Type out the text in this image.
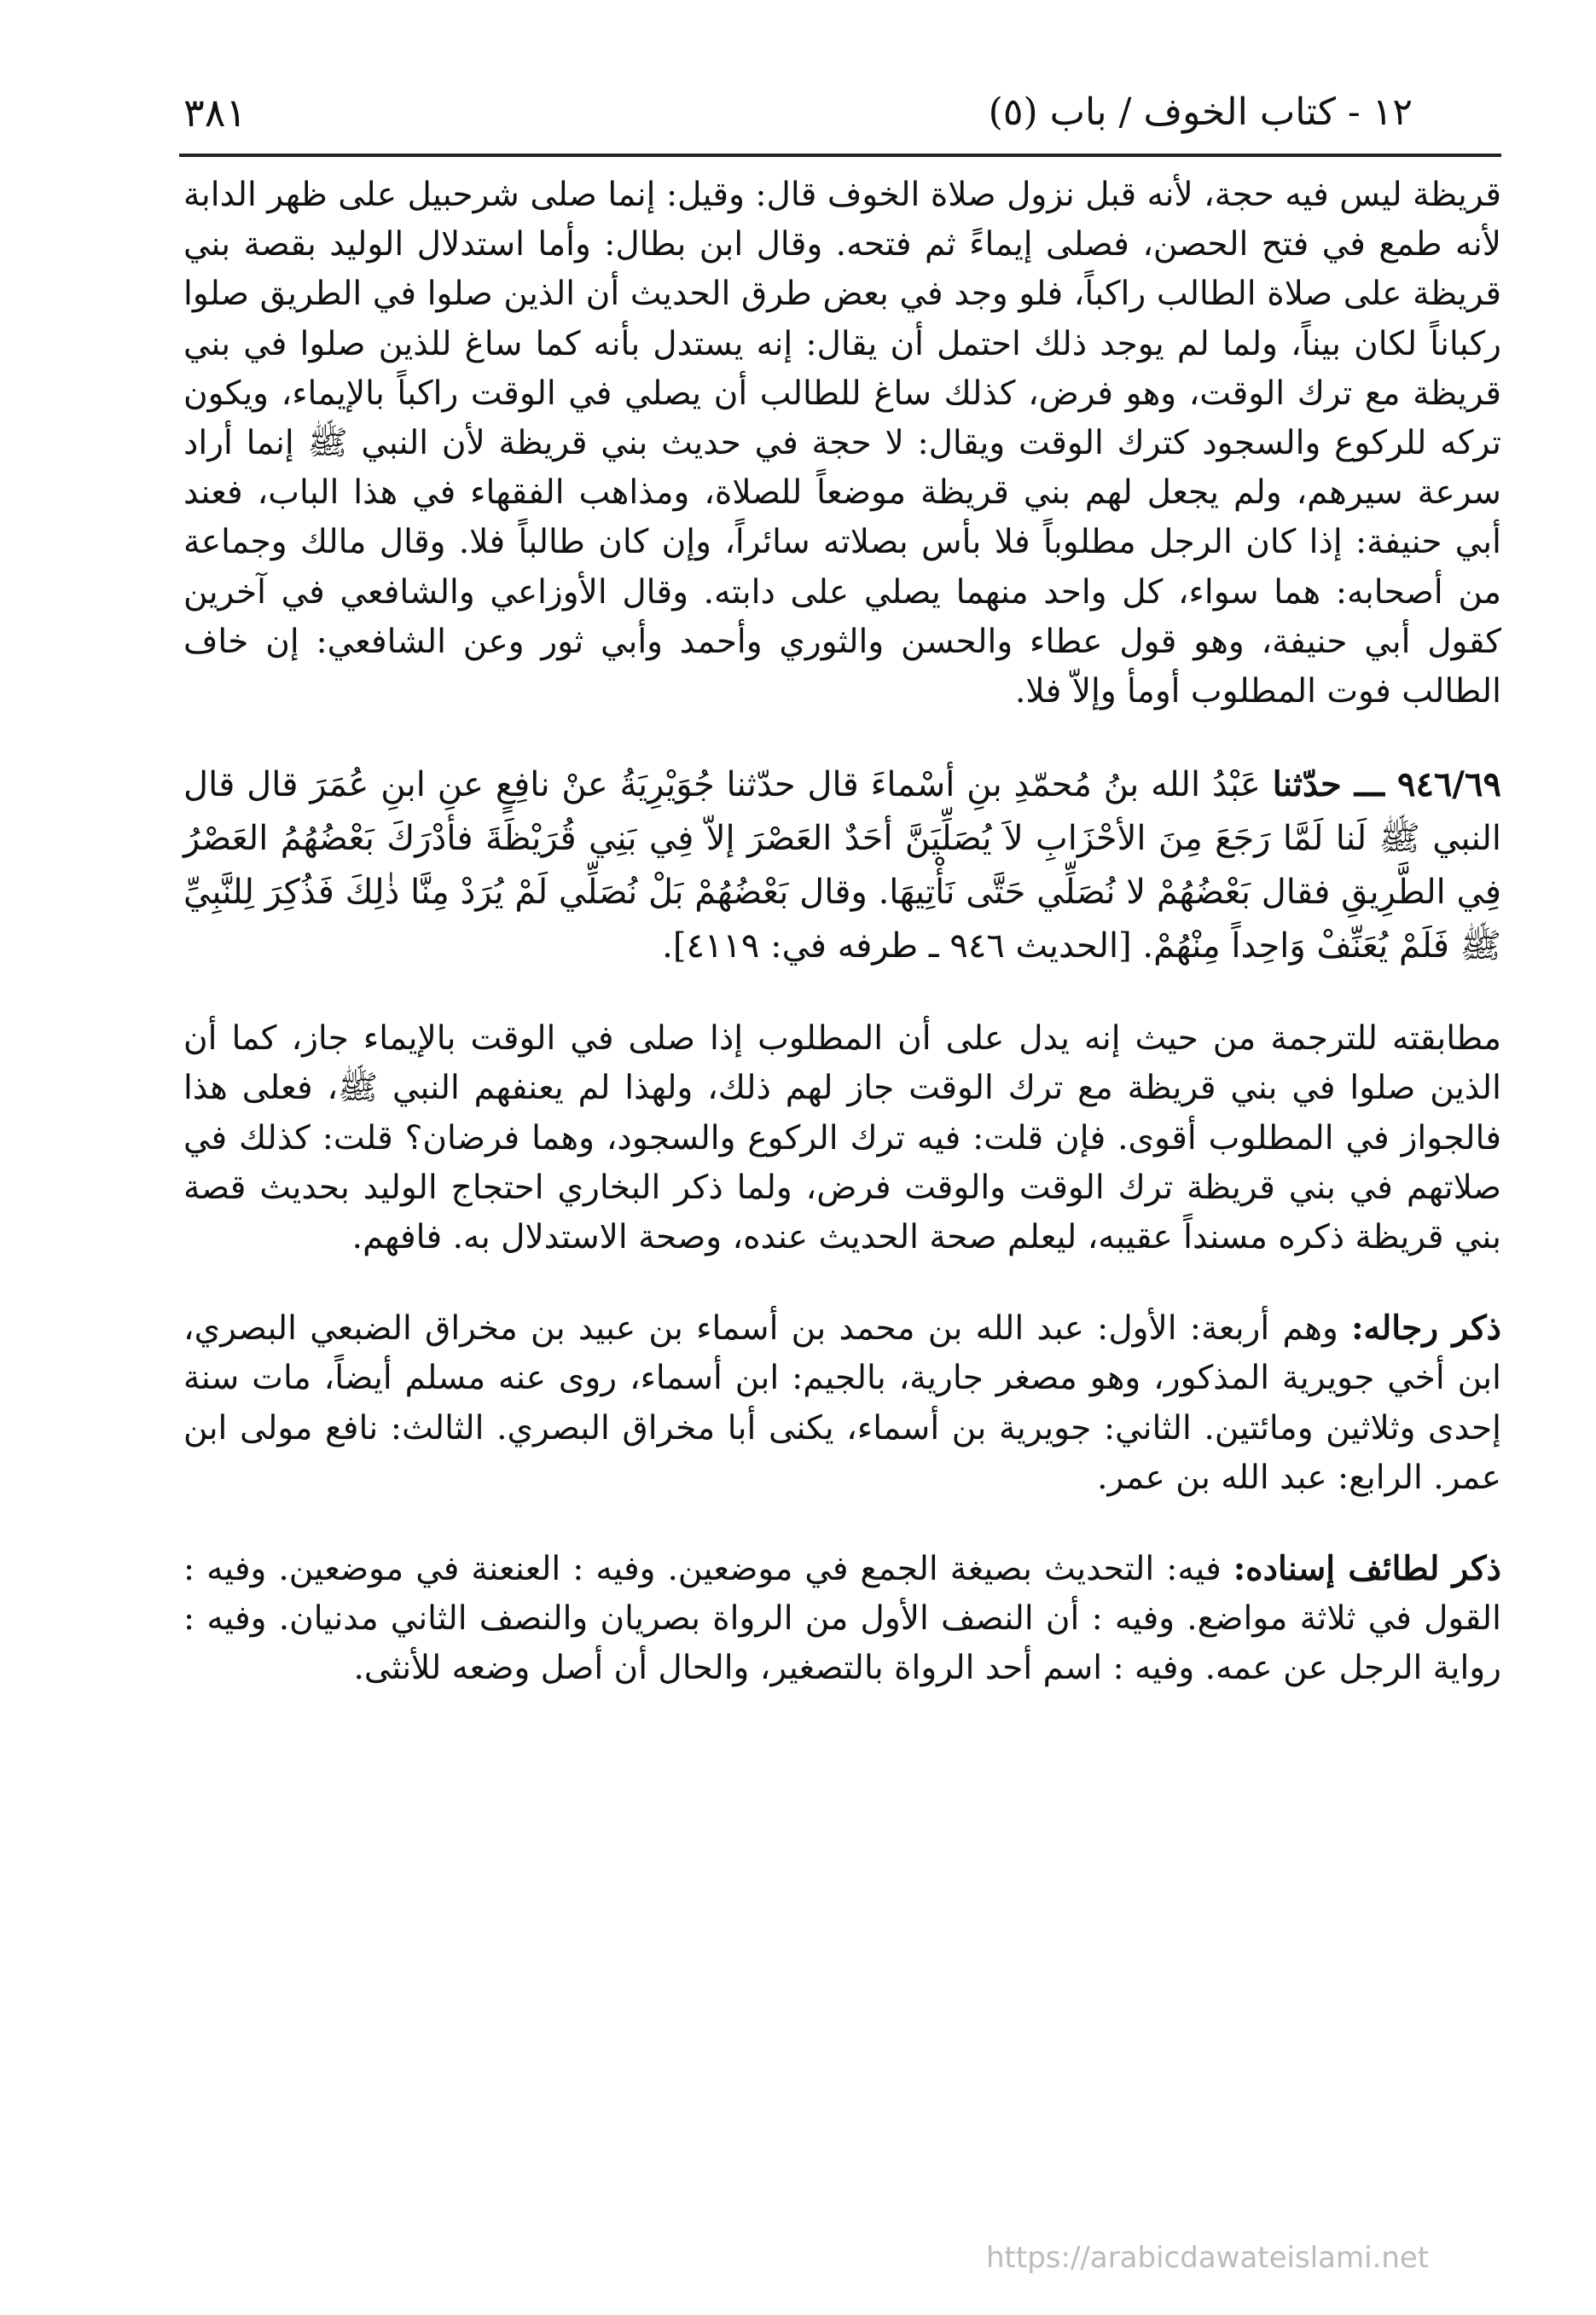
١٢ - كتاب الخوف / باب (٥)
٣٨١

قريظة ليس فيه حجة، لأنه قبل نزول صلاة الخوف قال: وقيل: إنما صلى شرحبيل على ظهر الدابة لأنه طمع في فتح الحصن، فصلى إيماءً ثم فتحه. وقال ابن بطال: وأما استدلال الوليد بقصة بني قريظة على صلاة الطالب راكباً، فلو وجد في بعض طرق الحديث أن الذين صلوا في الطريق صلوا ركباناً لكان بيناً، ولما لم يوجد ذلك احتمل أن يقال: إنه يستدل بأنه كما ساغ للذين صلوا في بني قريظة مع ترك الوقت، وهو فرض، كذلك ساغ للطالب أن يصلي في الوقت راكباً بالإيماء، ويكون تركه للركوع والسجود كترك الوقت ويقال: لا حجة في حديث بني قريظة لأن النبي ﷺ إنما أراد سرعة سيرهم، ولم يجعل لهم بني قريظة موضعاً للصلاة، ومذاهب الفقهاء في هذا الباب، فعند أبي حنيفة: إذا كان الرجل مطلوباً فلا بأس بصلاته سائراً، وإن كان طالباً فلا. وقال مالك وجماعة من أصحابه: هما سواء، كل واحد منهما يصلي على دابته. وقال الأوزاعي والشافعي في آخرين كقول أبي حنيفة، وهو قول عطاء والحسن والثوري وأحمد وأبي ثور وعن الشافعي: إن خاف الطالب فوت المطلوب أومأ وإلاّ فلا.

٩٤٦/٦٩ ـــ حدّثنا عَبْدُ الله بنُ مُحمّدِ بنِ أسْماءَ قال حدّثنا جُوَيْرِيَةُ عنْ نافِعٍ عنِ ابنِ عُمَرَ قال قال النبي ﷺ لَنا لَمَّا رَجَعَ مِنَ الأحْزَابِ لاَ يُصَلِّيَنَّ أحَدٌ العَصْرَ إلاّ فِي بَنِي قُرَيْظَةَ فأدْرَكَ بَعْضُهُمُ العَصْرُ فِي الطَّرِيقِ فقال بَعْضُهُمْ لا نُصَلِّي حَتَّى نَأْتِيهَا. وقال بَعْضُهُمْ بَلْ نُصَلِّي لَمْ يُرَدْ مِنَّا ذٰلِكَ فَذُكِرَ لِلنَّبِيِّ ﷺ فَلَمْ يُعَنِّفْ وَاحِداً مِنْهُمْ. [الحديث ٩٤٦ ـ طرفه في: ٤١١٩].

مطابقته للترجمة من حيث إنه يدل على أن المطلوب إذا صلى في الوقت بالإيماء جاز، كما أن الذين صلوا في بني قريظة مع ترك الوقت جاز لهم ذلك، ولهذا لم يعنفهم النبي ﷺ، فعلى هذا فالجواز في المطلوب أقوى. فإن قلت: فيه ترك الركوع والسجود، وهما فرضان؟ قلت: كذلك في صلاتهم في بني قريظة ترك الوقت والوقت فرض، ولما ذكر البخاري احتجاج الوليد بحديث قصة بني قريظة ذكره مسنداً عقيبه، ليعلم صحة الحديث عنده، وصحة الاستدلال به. فافهم.

ذكر رجاله: وهم أربعة: الأول: عبد الله بن محمد بن أسماء بن عبيد بن مخراق الضبعي البصري، ابن أخي جويرية المذكور، وهو مصغر جارية، بالجيم: ابن أسماء، روى عنه مسلم أيضاً، مات سنة إحدى وثلاثين ومائتين. الثاني: جويرية بن أسماء، يكنى أبا مخراق البصري. الثالث: نافع مولى ابن عمر. الرابع: عبد الله بن عمر.

ذكر لطائف إسناده: فيه: التحديث بصيغة الجمع في موضعين. وفيه : العنعنة في موضعين. وفيه : القول في ثلاثة مواضع. وفيه : أن النصف الأول من الرواة بصريان والنصف الثاني مدنيان. وفيه : رواية الرجل عن عمه. وفيه : اسم أحد الرواة بالتصغير، والحال أن أصل وضعه للأنثى.

https://arabicdawateislami.net
